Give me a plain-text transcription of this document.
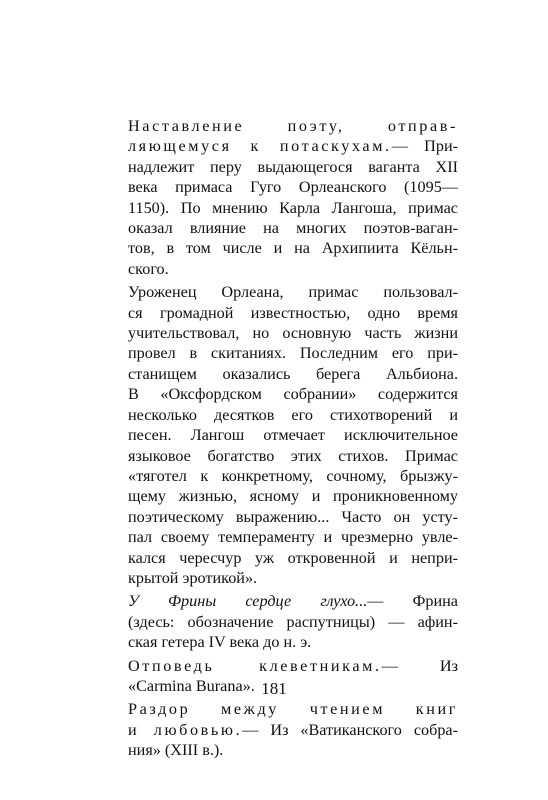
Наставление поэту, отправ-
ляющемуся к потаскухам.— При-
надлежит перу выдающегося ваганта XII
века примаса Гуго Орлеанского (1095—
1150). По мнению Карла Лангоша, примас
оказал влияние на многих поэтов-ваган-
тов, в том числе и на Архипиита Кёльн-
ского.
Уроженец Орлеана, примас пользовал-
ся громадной известностью, одно время
учительствовал, но основную часть жизни
провел в скитаниях. Последним его при-
станищем оказались берега Альбиона.
В «Оксфордском собрании» содержится
несколько десятков его стихотворений и
песен. Лангош отмечает исключительное
языковое богатство этих стихов. Примас
«тяготел к конкретному, сочному, брызжу-
щему жизнью, ясному и проникновенному
поэтическому выражению... Часто он усту-
пал своему темпераменту и чрезмерно увле-
кался чересчур уж откровенной и непри-
крытой эротикой».
У Фрины сердце глухо...— Фрина
(здесь: обозначение распутницы) — афин-
ская гетера IV века до н. э.
Отповедь клеветникам.— Из
«Carmina Burana».
Раздор между чтением книг
и любовью.— Из «Ватиканского собра-
ния» (XIII в.).
181
